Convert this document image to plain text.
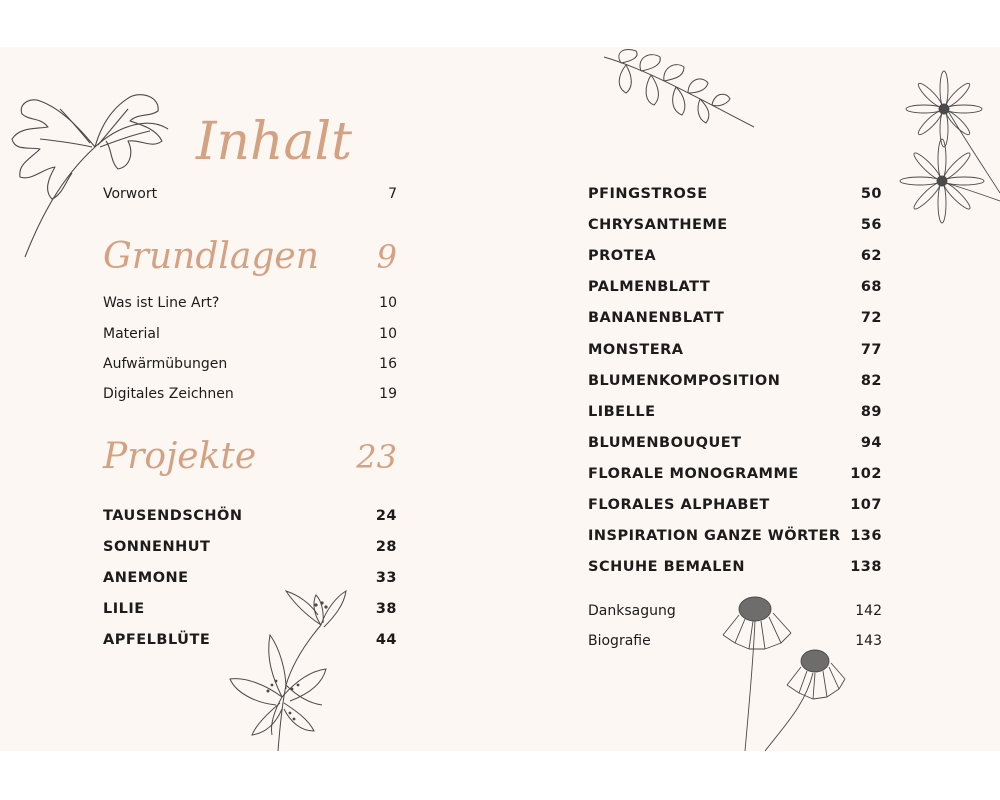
Inhalt
Vorwort	7
Grundlagen	9
Was ist Line Art?	10
Material	10
Aufwärmübungen	16
Digitales Zeichnen	19
Projekte	23
TAUSENDSCHÖN	24
SONNENHUT	28
ANEMONE	33
LILIE	38
APFELBLÜTE	44
PFINGSTROSE	50
CHRYSANTHEME	56
PROTEA	62
PALMENBLATT	68
BANANENBLATT	72
MONSTERA	77
BLUMENKOMPOSITION	82
LIBELLE	89
BLUMENBOUQUET	94
FLORALE MONOGRAMME	102
FLORALES ALPHABET	107
INSPIRATION GANZE WÖRTER 136
SCHUHE BEMALEN	138
Danksagung	142
Biografie	143
